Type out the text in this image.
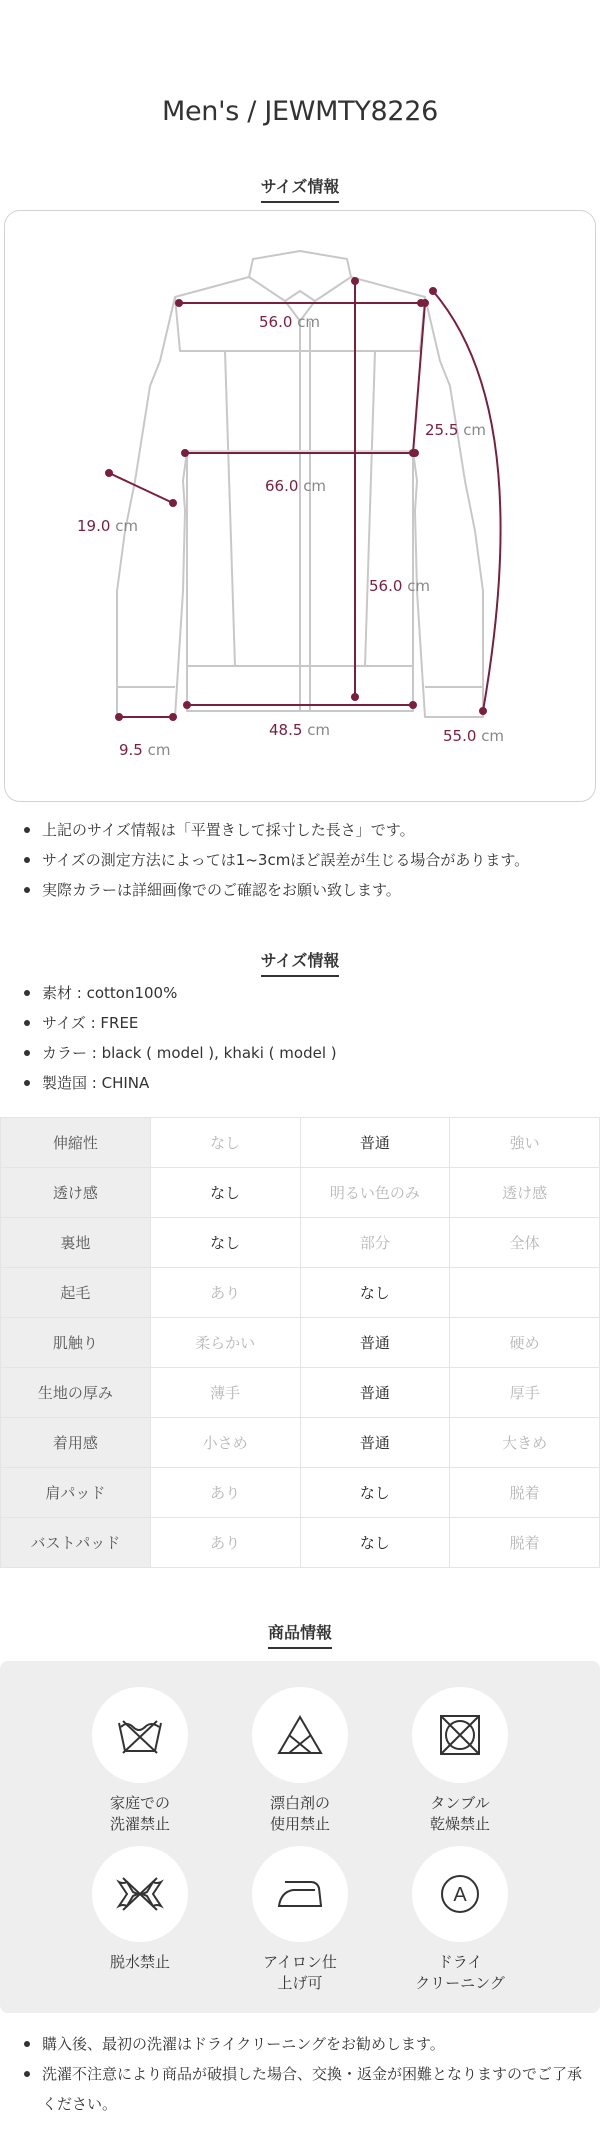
Men's / JEWMTY8226
サイズ情報
56.0 cm
66.0 cm
25.5 cm
19.0 cm
56.0 cm
9.5 cm
48.5 cm	55.0 cm
上記のサイズ情報は「平置きして採寸した長さ」です。
サイズの測定方法によっては1~3cmほど誤差が生じる場合があります。
実際カラーは詳細画像でのご確認をお願い致します。
サイズ情報
素材 : cotton100%
サイズ : FREE
カラー : black ( model ), khaki ( model )
製造国 : CHINA
伸縮性	なし	普通	強い
透け感	なし	明るい色のみ	透け感
裏地	なし	部分	全体
起毛	あり	なし	
肌触り	柔らかい	普通	硬め
生地の厚み	薄手	普通	厚手
着用感	小さめ	普通	大きめ
肩パッド	あり	なし	脱着
バストパッド	あり	なし	脱着
商品情報
家庭での
洗濯禁止
漂白剤の
使用禁止
タンブル
乾燥禁止
脱水禁止	アイロン仕
上げ可
A
ドライ
クリーニング
購入後、最初の洗濯はドライクリーニングをお勧めします。
洗濯不注意により商品が破損した場合、交換・返金が困難となりますのでご了承ください。
